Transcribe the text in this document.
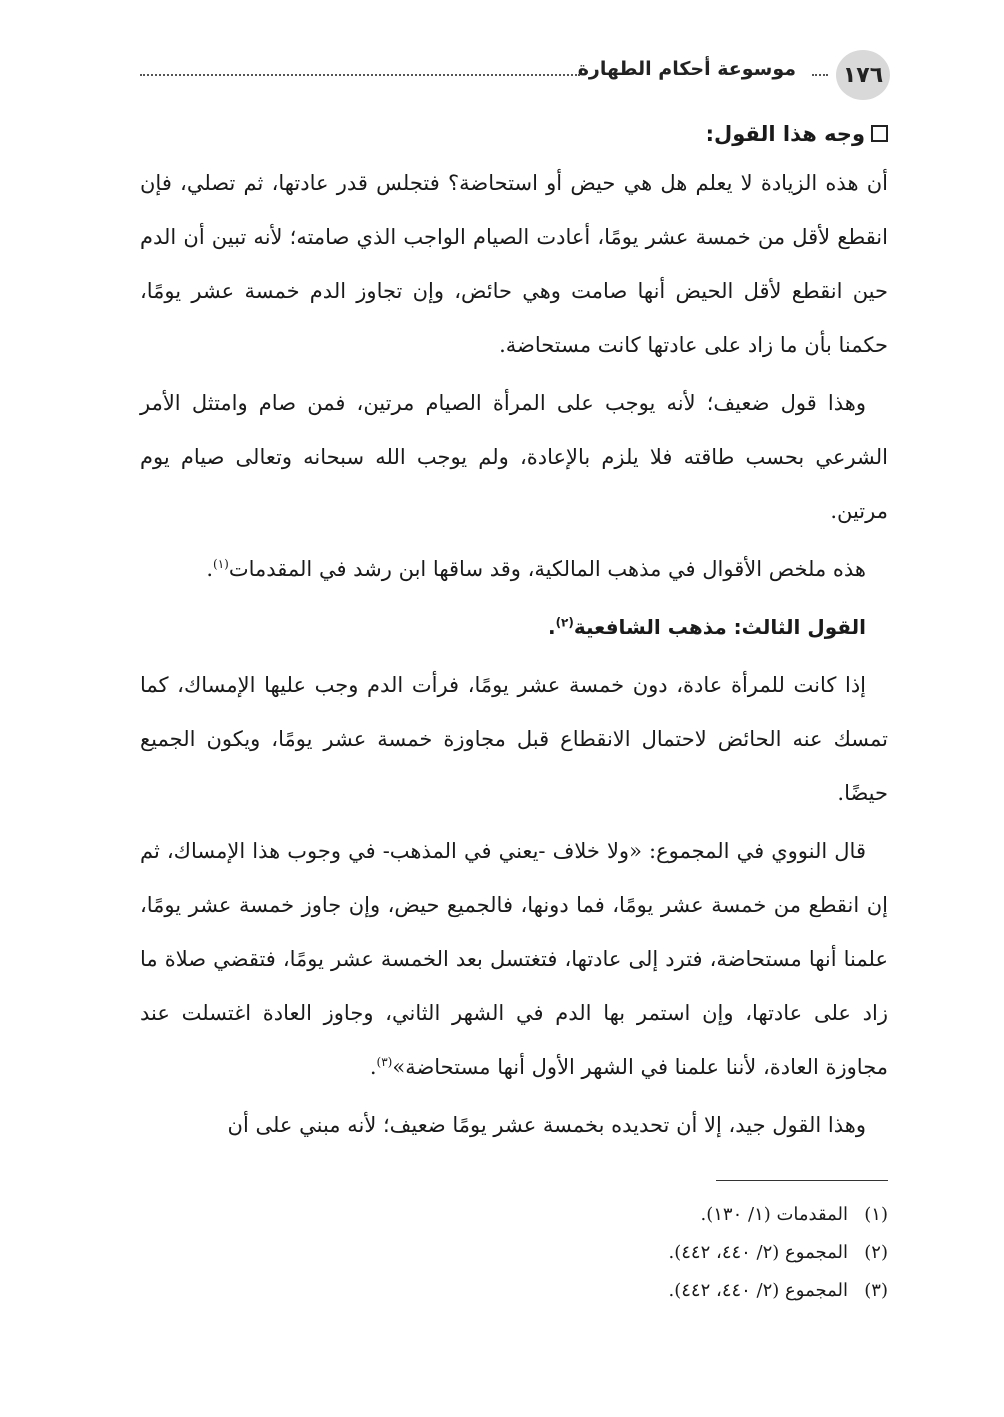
١٧٦
موسوعة أحكام الطهارة

وجه هذا القول:

أن هذه الزيادة لا يعلم هل هي حيض أو استحاضة؟ فتجلس قدر عادتها، ثم تصلي، فإن انقطع لأقل من خمسة عشر يومًا، أعادت الصيام الواجب الذي صامته؛ لأنه تبين أن الدم حين انقطع لأقل الحيض أنها صامت وهي حائض، وإن تجاوز الدم خمسة عشر يومًا، حكمنا بأن ما زاد على عادتها كانت مستحاضة.

وهذا قول ضعيف؛ لأنه يوجب على المرأة الصيام مرتين، فمن صام وامتثل الأمر الشرعي بحسب طاقته فلا يلزم بالإعادة، ولم يوجب الله سبحانه وتعالى صيام يوم مرتين.

هذه ملخص الأقوال في مذهب المالكية، وقد ساقها ابن رشد في المقدمات$^{(١)}$.

القول الثالث: مذهب الشافعية$^{(٢)}$.

إذا كانت للمرأة عادة، دون خمسة عشر يومًا، فرأت الدم وجب عليها الإمساك، كما تمسك عنه الحائض لاحتمال الانقطاع قبل مجاوزة خمسة عشر يومًا، ويكون الجميع حيضًا.

قال النووي في المجموع: «ولا خلاف -يعني في المذهب- في وجوب هذا الإمساك، ثم إن انقطع من خمسة عشر يومًا، فما دونها، فالجميع حيض، وإن جاوز خمسة عشر يومًا، علمنا أنها مستحاضة، فترد إلى عادتها، فتغتسل بعد الخمسة عشر يومًا، فتقضي صلاة ما زاد على عادتها، وإن استمر بها الدم في الشهر الثاني، وجاوز العادة اغتسلت عند مجاوزة العادة، لأننا علمنا في الشهر الأول أنها مستحاضة»$^{(٣)}$.

وهذا القول جيد، إلا أن تحديده بخمسة عشر يومًا ضعيف؛ لأنه مبني على أن

(١)المقدمات (١/ ١٣٠).

(٢)المجموع (٢/ ٤٤٠، ٤٤٢).

(٣)المجموع (٢/ ٤٤٠، ٤٤٢).
